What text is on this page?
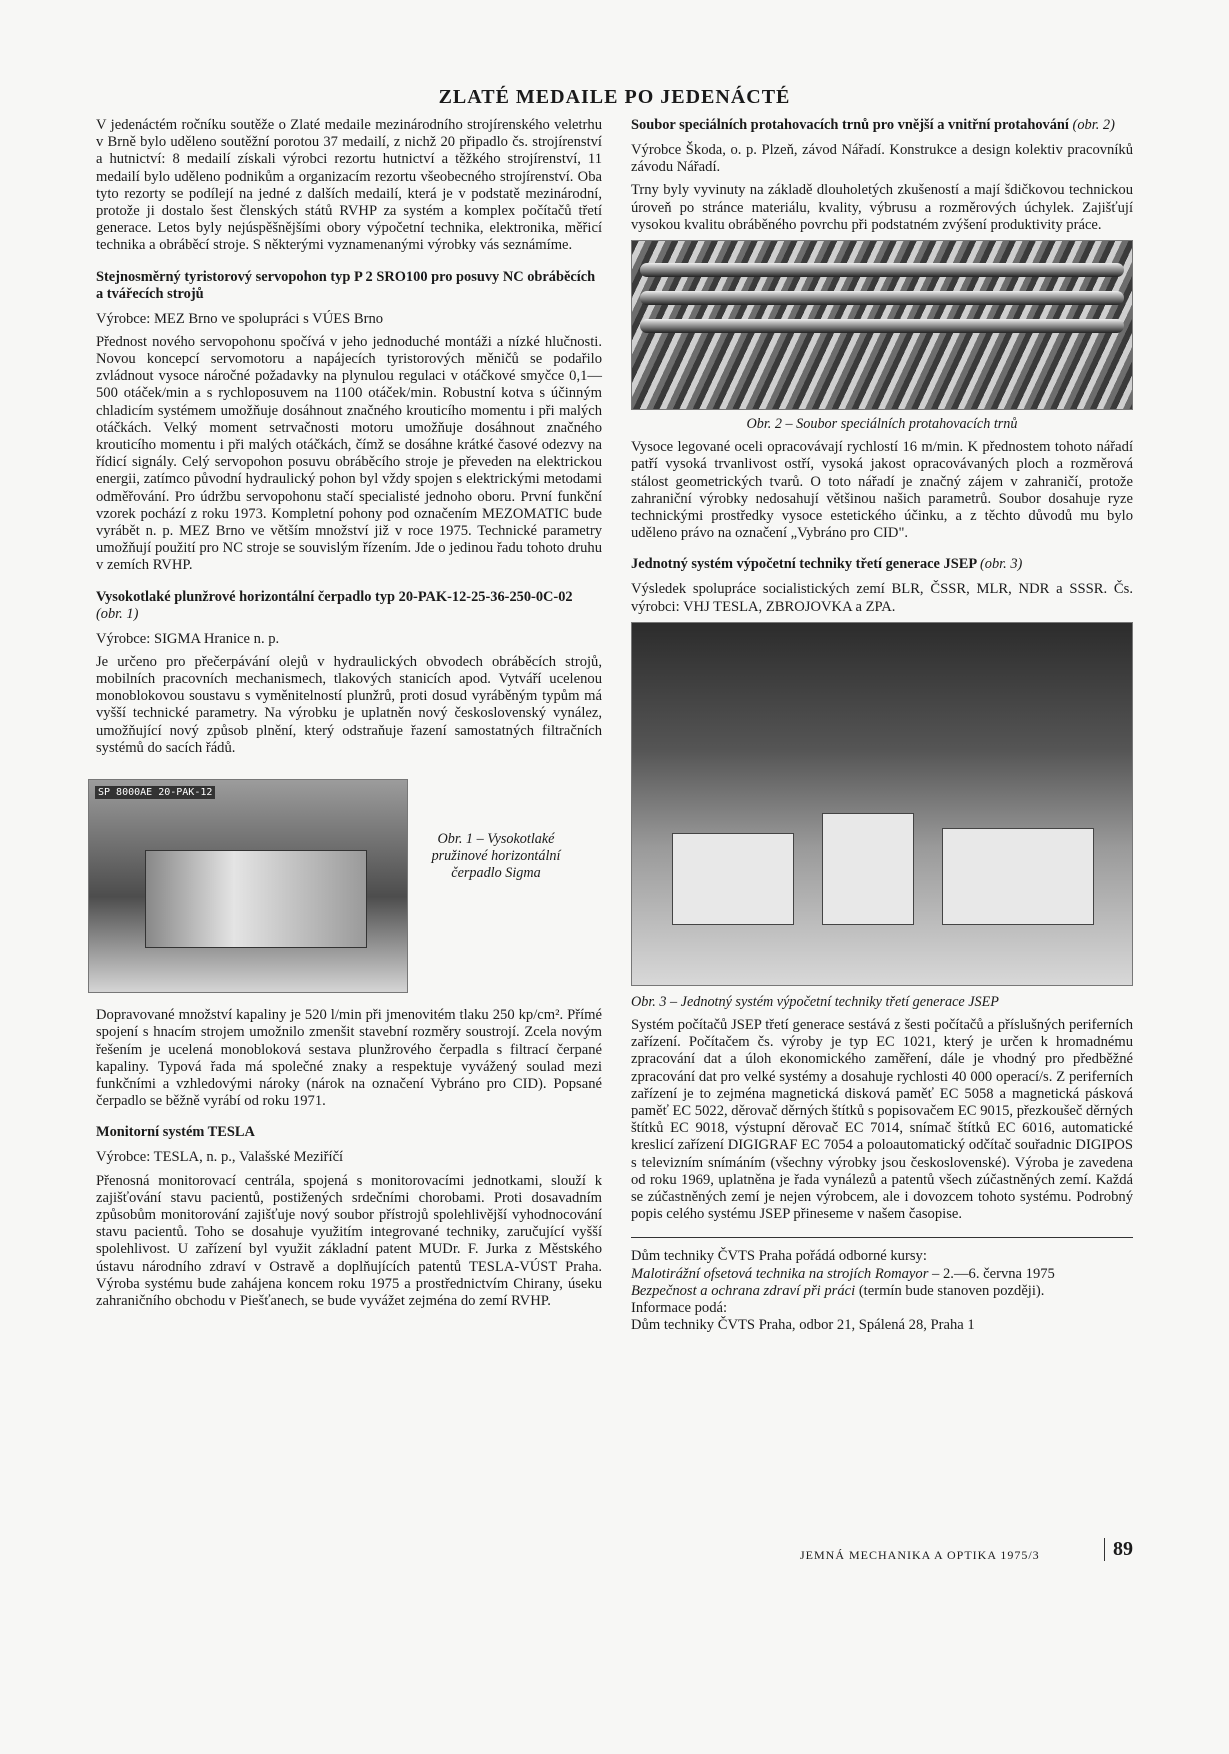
ZLATÉ MEDAILE PO JEDENÁCTÉ

V jedenáctém ročníku soutěže o Zlaté medaile mezinárodního strojírenského veletrhu v Brně bylo uděleno soutěžní porotou 37 medailí, z nichž 20 připadlo čs. strojírenství a hutnictví: 8 medailí získali výrobci rezortu hutnictví a těžkého strojírenství, 11 medailí bylo uděleno podnikům a organizacím rezortu všeobecného strojírenství. Oba tyto rezorty se podílejí na jedné z dalších medailí, která je v podstatě mezinárodní, protože ji dostalo šest členských států RVHP za systém a komplex počítačů třetí generace. Letos byly nejúspěšnějšími obory výpočetní technika, elektronika, měřicí technika a obráběcí stroje. S některými vyznamenanými výrobky vás seznámíme.

Stejnosměrný tyristorový servopohon typ P 2 SRO100 pro posuvy NC obráběcích a tvářecích strojů

Výrobce: MEZ Brno ve spolupráci s VÚES Brno

Přednost nového servopohonu spočívá v jeho jednoduché montáži a nízké hlučnosti. Novou koncepcí servomotoru a napájecích tyristorových měničů se podařilo zvládnout vysoce náročné požadavky na plynulou regulaci v otáčkové smyčce 0,1—500 otáček/min a s rychloposuvem na 1100 otáček/min. Robustní kotva s účinným chladicím systémem umožňuje dosáhnout značného krouticího momentu i při malých otáčkách. Velký moment setrvačnosti motoru umožňuje dosáhnout značného krouticího momentu i při malých otáčkách, čímž se dosáhne krátké časové odezvy na řídicí signály. Celý servopohon posuvu obráběcího stroje je převeden na elektrickou energii, zatímco původní hydraulický pohon byl vždy spojen s elektrickými metodami odměřování. Pro údržbu servopohonu stačí specialisté jednoho oboru. První funkční vzorek pochází z roku 1973. Kompletní pohony pod označením MEZOMATIC bude vyrábět n. p. MEZ Brno ve větším množství již v roce 1975. Technické parametry umožňují použití pro NC stroje se souvislým řízením. Jde o jedinou řadu tohoto druhu v zemích RVHP.

Vysokotlaké plunžrové horizontální čerpadlo typ 20-PAK-12-25-36-250-0C-02 (obr. 1)

Výrobce: SIGMA Hranice n. p.

Je určeno pro přečerpávání olejů v hydraulických obvodech obráběcích strojů, mobilních pracovních mechanismech, tlakových stanicích apod. Vytváří ucelenou monoblokovou soustavu s vyměnitelností plunžrů, proti dosud vyráběným typům má vyšší technické parametry. Na výrobku je uplatněn nový československý vynález, umožňující nový způsob plnění, který odstraňuje řazení samostatných filtračních systémů do sacích řádů.

SP 8000AE 20-PAK-12
Obr. 1 – Vysokotlaké pružinové horizontální čerpadlo Sigma

Dopravované množství kapaliny je 520 l/min při jmenovitém tlaku 250 kp/cm². Přímé spojení s hnacím strojem umožnilo zmenšit stavební rozměry soustrojí. Zcela novým řešením je ucelená monobloková sestava plunžrového čerpadla s filtrací čerpané kapaliny. Typová řada má společné znaky a respektuje vyvážený soulad mezi funkčními a vzhledovými nároky (nárok na označení Vybráno pro CID). Popsané čerpadlo se běžně vyrábí od roku 1971.

Monitorní systém TESLA

Výrobce: TESLA, n. p., Valašské Meziříčí

Přenosná monitorovací centrála, spojená s monitorovacími jednotkami, slouží k zajišťování stavu pacientů, postižených srdečními chorobami. Proti dosavadním způsobům monitorování zajišťuje nový soubor přístrojů spolehlivější vyhodnocování stavu pacientů. Toho se dosahuje využitím integrované techniky, zaručující vyšší spolehlivost. U zařízení byl využit základní patent MUDr. F. Jurka z Městského ústavu národního zdraví v Ostravě a doplňujících patentů TESLA-VÚST Praha. Výroba systému bude zahájena koncem roku 1975 a prostřednictvím Chirany, úseku zahraničního obchodu v Piešťanech, se bude vyvážet zejména do zemí RVHP.

Soubor speciálních protahovacích trnů pro vnější a vnitřní protahování (obr. 2)

Výrobce Škoda, o. p. Plzeň, závod Nářadí. Konstrukce a design kolektiv pracovníků závodu Nářadí.

Trny byly vyvinuty na základě dlouholetých zkušeností a mají šdičkovou technickou úroveň po stránce materiálu, kvality, výbrusu a rozměrových úchylek. Zajišťují vysokou kvalitu obráběného povrchu při podstatném zvýšení produktivity práce.

Obr. 2 – Soubor speciálních protahovacích trnů

Vysoce legované oceli opracovávají rychlostí 16 m/min. K přednostem tohoto nářadí patří vysoká trvanlivost ostří, vysoká jakost opracovávaných ploch a rozměrová stálost geometrických tvarů. O toto nářadí je značný zájem v zahraničí, protože zahraniční výrobky nedosahují většinou našich parametrů. Soubor dosahuje ryze technickými prostředky vysoce estetického účinku, a z těchto důvodů mu bylo uděleno právo na označení „Vybráno pro CID".

Jednotný systém výpočetní techniky třetí generace JSEP (obr. 3)

Výsledek spolupráce socialistických zemí BLR, ČSSR, MLR, NDR a SSSR. Čs. výrobci: VHJ TESLA, ZBROJOVKA a ZPA.

Obr. 3 – Jednotný systém výpočetní techniky třetí generace JSEP

Systém počítačů JSEP třetí generace sestává z šesti počítačů a příslušných periferních zařízení. Počítačem čs. výroby je typ EC 1021, který je určen k hromadnému zpracování dat a úloh ekonomického zaměření, dále je vhodný pro předběžné zpracování dat pro velké systémy a dosahuje rychlosti 40 000 operací/s. Z periferních zařízení je to zejména magnetická disková paměť EC 5058 a magnetická pásková paměť EC 5022, děrovač děrných štítků s popisovačem EC 9015, přezkoušeč děrných štítků EC 9018, výstupní děrovač EC 7014, snímač štítků EC 6016, automatické kreslicí zařízení DIGIGRAF EC 7054 a poloautomatický odčítač souřadnic DIGIPOS s televizním snímáním (všechny výrobky jsou československé). Výroba je zavedena od roku 1969, uplatněna je řada vynálezů a patentů všech zúčastněných zemí. Každá se zúčastněných zemí je nejen výrobcem, ale i dovozcem tohoto systému. Podrobný popis celého systému JSEP přineseme v našem časopise.

Dům techniky ČVTS Praha pořádá odborné kursy:

Malotirážní ofsetová technika na strojích Romayor – 2.—6. června 1975

Bezpečnost a ochrana zdraví při práci (termín bude stanoven později).

Informace podá:

Dům techniky ČVTS Praha, odbor 21, Spálená 28, Praha 1

JEMNÁ MECHANIKA A OPTIKA 1975/3	89
